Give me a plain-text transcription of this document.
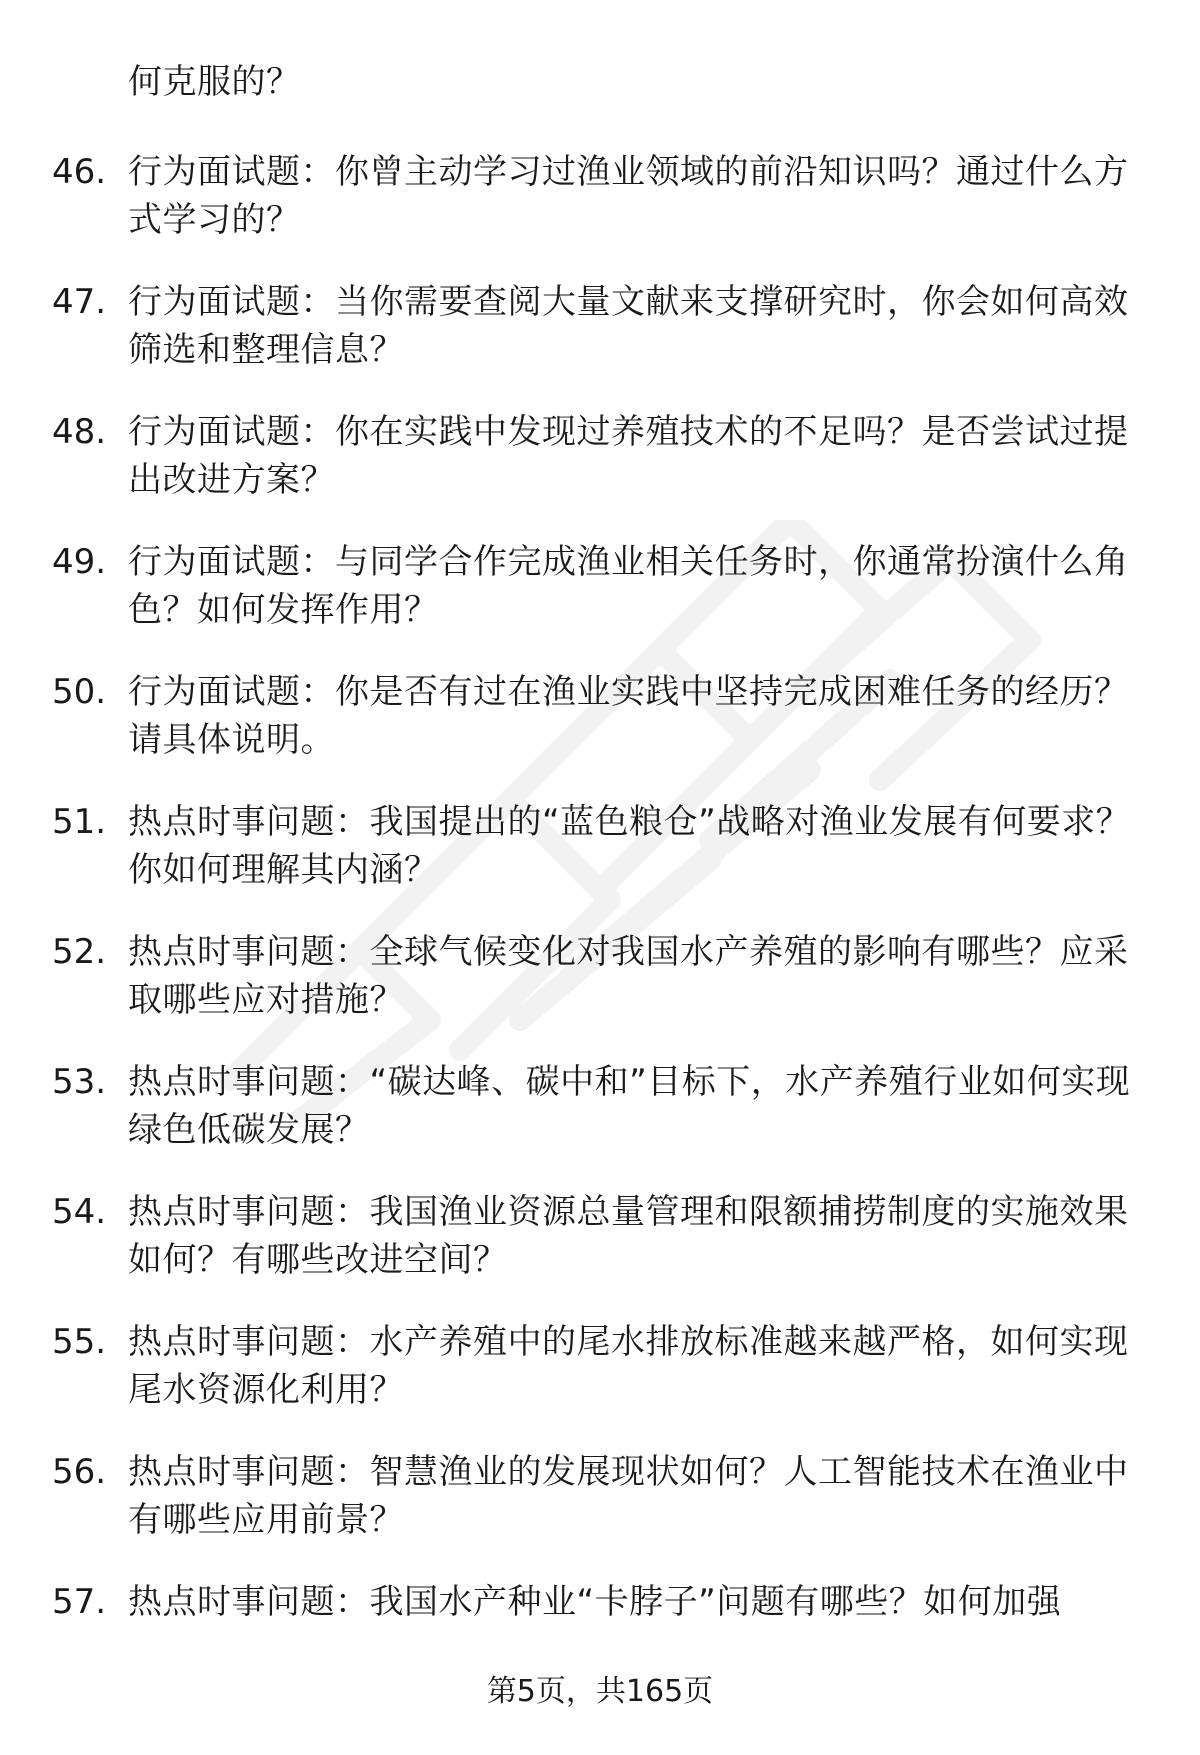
何克服的？

46. 行为面试题：你曾主动学习过渔业领域的前沿知识吗？通过什么方式学习的？
47. 行为面试题：当你需要查阅大量文献来支撑研究时，你会如何高效筛选和整理信息？
48. 行为面试题：你在实践中发现过养殖技术的不足吗？是否尝试过提出改进方案？
49. 行为面试题：与同学合作完成渔业相关任务时，你通常扮演什么角色？如何发挥作用？
50. 行为面试题：你是否有过在渔业实践中坚持完成困难任务的经历？请具体说明。
51. 热点时事问题：我国提出的“蓝色粮仓”战略对渔业发展有何要求？你如何理解其内涵？
52. 热点时事问题：全球气候变化对我国水产养殖的影响有哪些？应采取哪些应对措施？
53. 热点时事问题：“碳达峰、碳中和”目标下，水产养殖行业如何实现绿色低碳发展？
54. 热点时事问题：我国渔业资源总量管理和限额捕捞制度的实施效果如何？有哪些改进空间？
55. 热点时事问题：水产养殖中的尾水排放标准越来越严格，如何实现尾水资源化利用？
56. 热点时事问题：智慧渔业的发展现状如何？人工智能技术在渔业中有哪些应用前景？
57. 热点时事问题：我国水产种业“卡脖子”问题有哪些？如何加强
第5页，共165页
